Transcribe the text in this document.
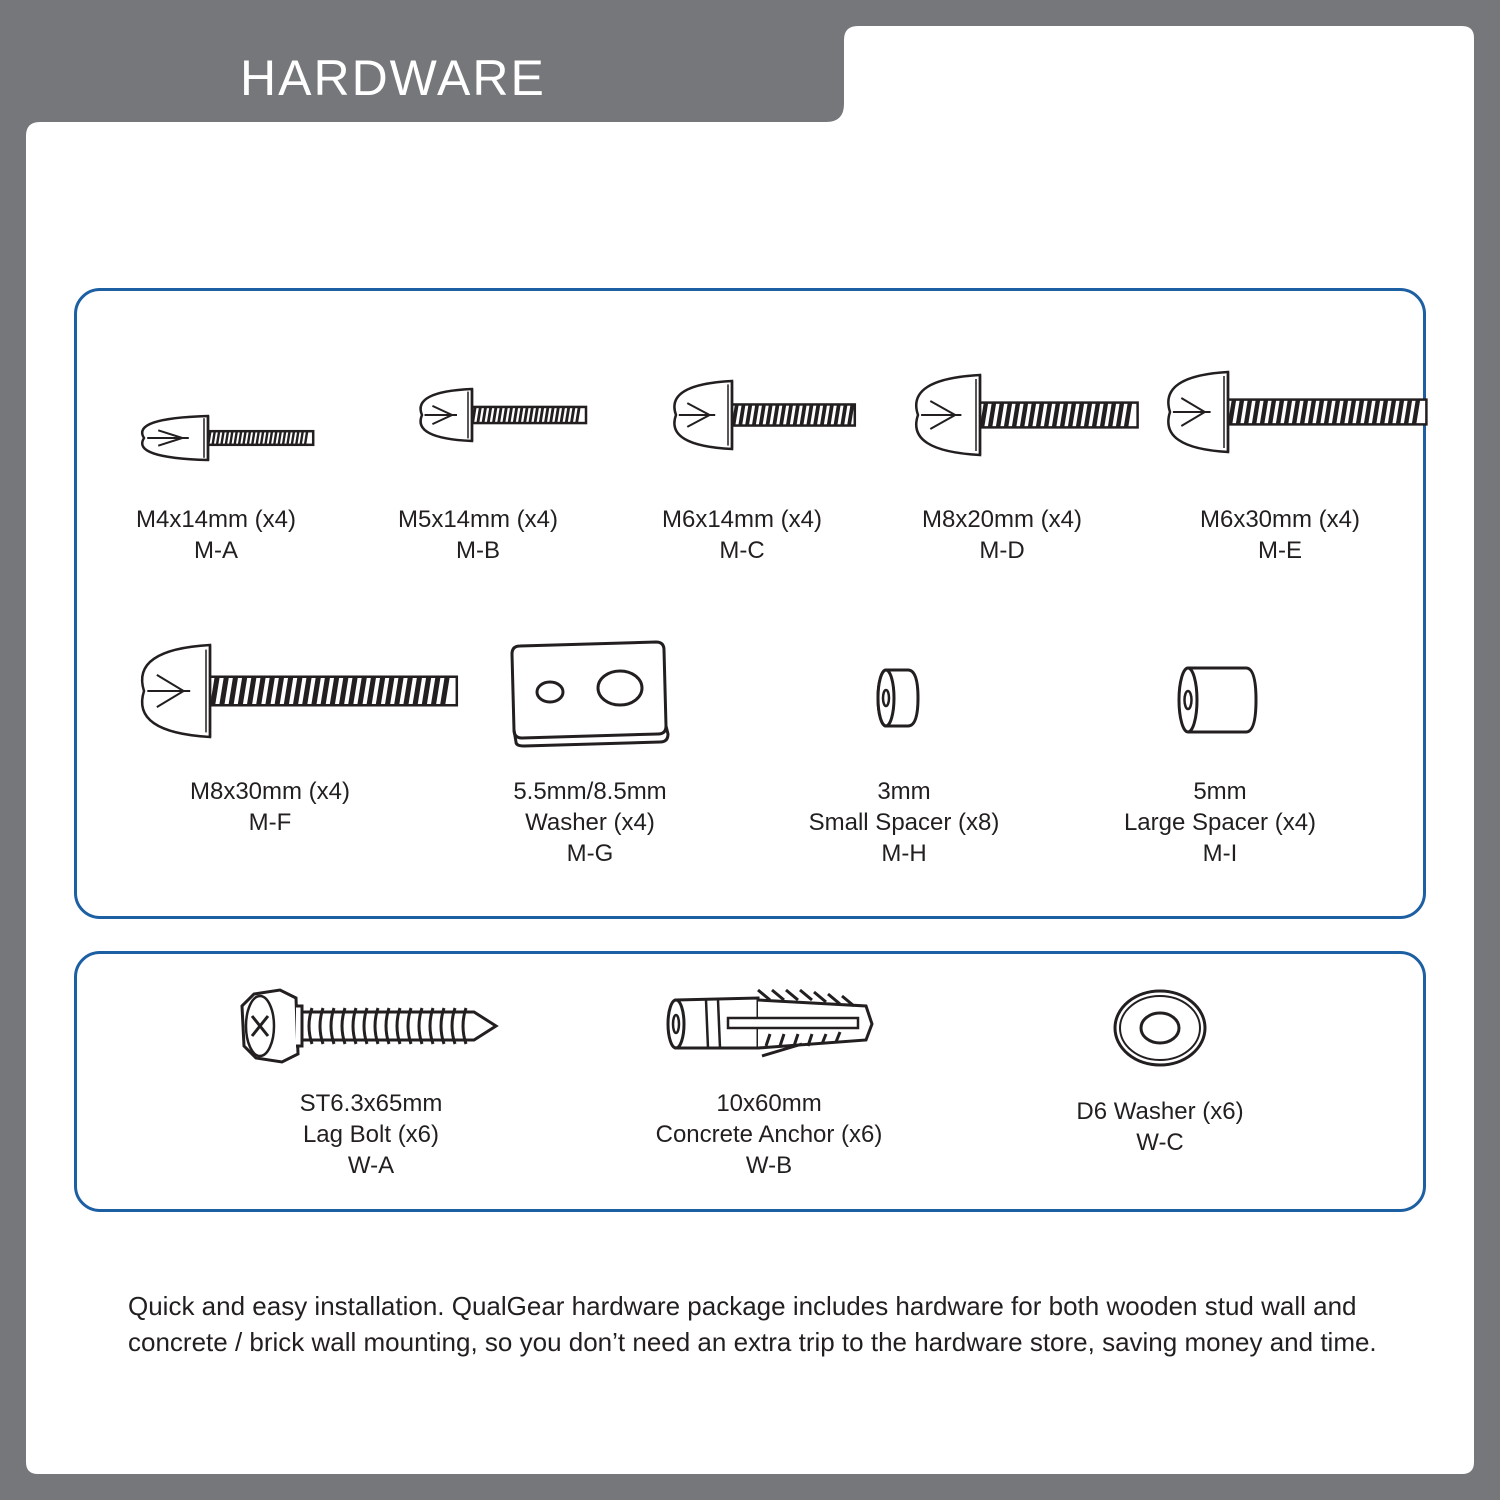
HARDWARE
M4x14mm (x4)
M-A
M5x14mm (x4)
M-B
M6x14mm (x4)
M-C
M8x20mm (x4)
M-D
M6x30mm (x4)
M-E
M8x30mm (x4)
M-F
5.5mm/8.5mm
Washer (x4)
M-G
3mm
Small Spacer (x8)
M-H
5mm
Large Spacer (x4)
M-I
ST6.3x65mm
Lag Bolt (x6)
W-A
10x60mm
Concrete Anchor (x6)
W-B
D6 Washer (x6)
W-C
Quick and easy installation. QualGear hardware package includes hardware for both wooden stud wall and concrete / brick wall mounting, so you don’t need an extra trip to the hardware store, saving money and time.
